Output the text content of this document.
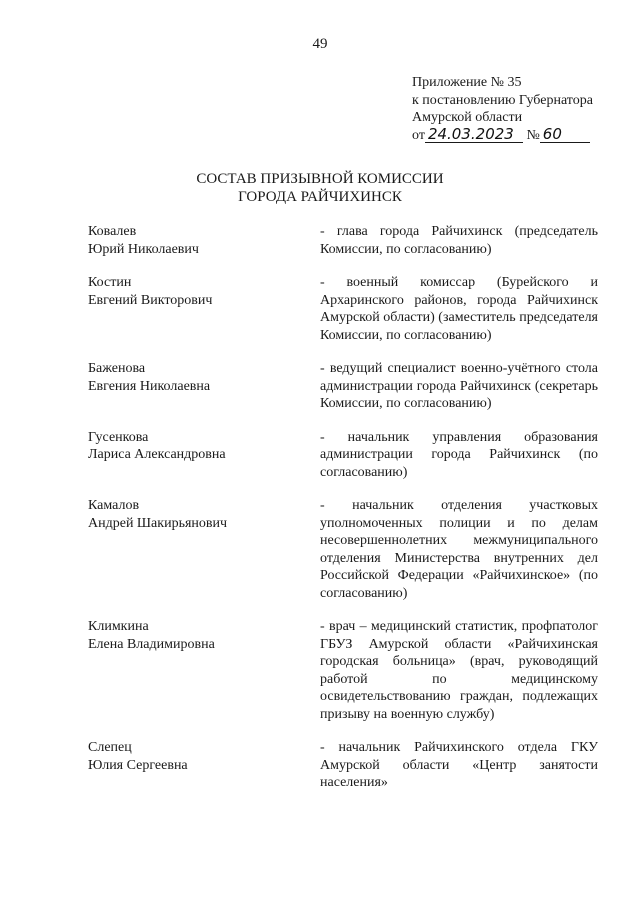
49
Приложение № 35
к постановлению Губернатора
Амурской области
от 24.03.2023 № 60
СОСТАВ ПРИЗЫВНОЙ КОМИССИИ
ГОРОДА РАЙЧИХИНСК
Ковалев
Юрий Николаевич
- глава города Райчихинск (председатель Комиссии, по согласованию)
Костин
Евгений Викторович
- военный комиссар (Бурейского и Архаринского районов, города Райчихинск Амурской области) (заместитель председателя Комиссии, по согласованию)
Баженова
Евгения Николаевна
- ведущий специалист военно-учётного стола администрации города Райчихинск (секретарь Комиссии, по согласованию)
Гусенкова
Лариса Александровна
- начальник управления образования администрации города Райчихинск (по согласованию)
Камалов
Андрей Шакирьянович
- начальник отделения участковых уполномоченных полиции и по делам несовершеннолетних межмуниципального отделения Министерства внутренних дел Российской Федерации «Райчихинское» (по согласованию)
Климкина
Елена Владимировна
- врач – медицинский статистик, профпатолог ГБУЗ Амурской области «Райчихинская городская больница» (врач, руководящий работой по медицинскому освидетельствованию граждан, подлежащих призыву на военную службу)
Слепец
Юлия Сергеевна
- начальник Райчихинского отдела ГКУ Амурской области «Центр занятости населения»
